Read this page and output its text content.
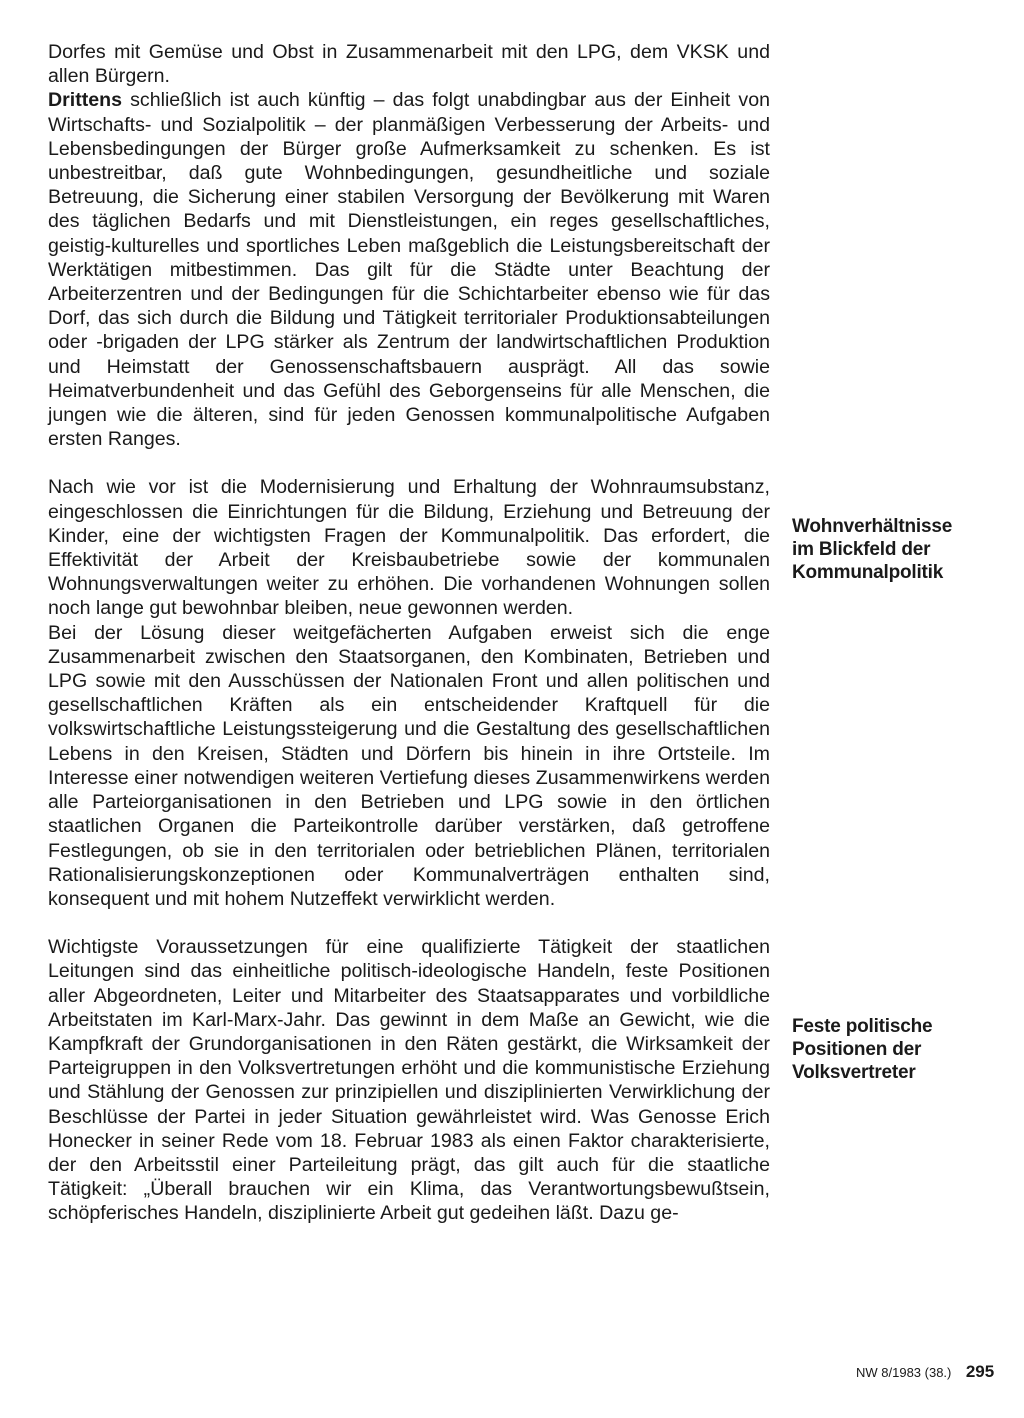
Dorfes mit Gemüse und Obst in Zusammenarbeit mit den LPG, dem VKSK und allen Bürgern.

Drittens schließlich ist auch künftig – das folgt unabdingbar aus der Einheit von Wirtschafts- und Sozialpolitik – der planmäßigen Verbesserung der Arbeits- und Lebensbedingungen der Bürger große Aufmerksamkeit zu schenken. Es ist unbestreitbar, daß gute Wohnbedingungen, gesundheitliche und soziale Betreuung, die Sicherung einer stabilen Versorgung der Bevölkerung mit Waren des täglichen Bedarfs und mit Dienstleistungen, ein reges gesellschaftliches, geistig-kulturelles und sportliches Leben maßgeblich die Leistungsbereitschaft der Werktätigen mitbestimmen. Das gilt für die Städte unter Beachtung der Arbeiterzentren und der Bedingungen für die Schichtarbeiter ebenso wie für das Dorf, das sich durch die Bildung und Tätigkeit territorialer Produktionsabteilungen oder -brigaden der LPG stärker als Zentrum der landwirtschaftlichen Produktion und Heimstatt der Genossenschaftsbauern ausprägt. All das sowie Heimatverbundenheit und das Gefühl des Geborgenseins für alle Menschen, die jungen wie die älteren, sind für jeden Genossen kommunalpolitische Aufgaben ersten Ranges.

Nach wie vor ist die Modernisierung und Erhaltung der Wohnraumsubstanz, eingeschlossen die Einrichtungen für die Bildung, Erziehung und Betreuung der Kinder, eine der wichtigsten Fragen der Kommunalpolitik. Das erfordert, die Effektivität der Arbeit der Kreisbaubetriebe sowie der kommunalen Wohnungsverwaltungen weiter zu erhöhen. Die vorhandenen Wohnungen sollen noch lange gut bewohnbar bleiben, neue gewonnen werden.

Bei der Lösung dieser weitgefächerten Aufgaben erweist sich die enge Zusammenarbeit zwischen den Staatsorganen, den Kombinaten, Betrieben und LPG sowie mit den Ausschüssen der Nationalen Front und allen politischen und gesellschaftlichen Kräften als ein entscheidender Kraftquell für die volkswirtschaftliche Leistungssteigerung und die Gestaltung des gesellschaftlichen Lebens in den Kreisen, Städten und Dörfern bis hinein in ihre Ortsteile. Im Interesse einer notwendigen weiteren Vertiefung dieses Zusammenwirkens werden alle Parteiorganisationen in den Betrieben und LPG sowie in den örtlichen staatlichen Organen die Parteikontrolle darüber verstärken, daß getroffene Festlegungen, ob sie in den territorialen oder betrieblichen Plänen, territorialen Rationalisierungskonzeptionen oder Kommunalverträgen enthalten sind, konsequent und mit hohem Nutzeffekt verwirklicht werden.

Wichtigste Voraussetzungen für eine qualifizierte Tätigkeit der staatlichen Leitungen sind das einheitliche politisch-ideologische Handeln, feste Positionen aller Abgeordneten, Leiter und Mitarbeiter des Staatsapparates und vorbildliche Arbeitstaten im Karl-Marx-Jahr. Das gewinnt in dem Maße an Gewicht, wie die Kampfkraft der Grundorganisationen in den Räten gestärkt, die Wirksamkeit der Parteigruppen in den Volksvertretungen erhöht und die kommunistische Erziehung und Stählung der Genossen zur prinzipiellen und disziplinierten Verwirklichung der Beschlüsse der Partei in jeder Situation gewährleistet wird. Was Genosse Erich Honecker in seiner Rede vom 18. Februar 1983 als einen Faktor charakterisierte, der den Arbeitsstil einer Parteileitung prägt, das gilt auch für die staatliche Tätigkeit: „Überall brauchen wir ein Klima, das Verantwortungsbewußtsein, schöpferisches Handeln, disziplinierte Arbeit gut gedeihen läßt. Dazu ge-

Wohnverhältnisse
im Blickfeld der
Kommunalpolitik
Feste politische
Positionen der
Volksvertreter
NW 8/1983 (38.) 295
